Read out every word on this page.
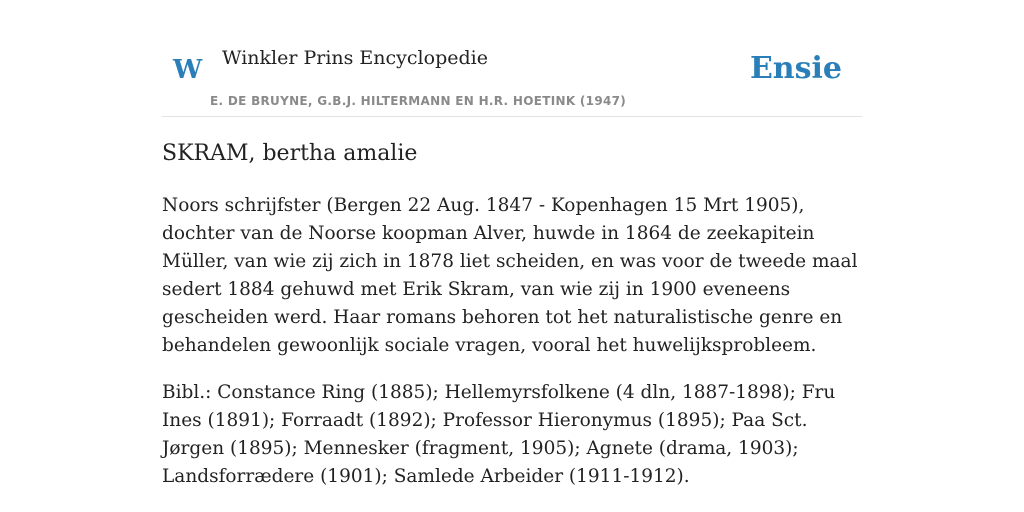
W Winkler Prins Encyclopedie	Ensie
E. DE BRUYNE, G.B.J. HILTERMANN EN H.R. HOETINK (1947)
SKRAM, bertha amalie

Noors schrijfster (Bergen 22 Aug. 1847 - Kopenhagen 15 Mrt 1905), dochter van de Noorse koopman Alver, huwde in 1864 de zeekapitein Müller, van wie zij zich in 1878 liet scheiden, en was voor de tweede maal sedert 1884 gehuwd met Erik Skram, van wie zij in 1900 eveneens gescheiden werd. Haar romans behoren tot het naturalistische genre en behandelen gewoonlijk sociale vragen, vooral het huwelijksprobleem.

Bibl.: Constance Ring (1885); Hellemyrsfolkene (4 dln, 1887-1898); Fru Ines (1891); Forraadt (1892); Professor Hieronymus (1895); Paa Sct. Jørgen (1895); Mennesker (fragment, 1905); Agnete (drama, 1903); Landsforrædere (1901); Samlede Arbeider (1911-1912).
